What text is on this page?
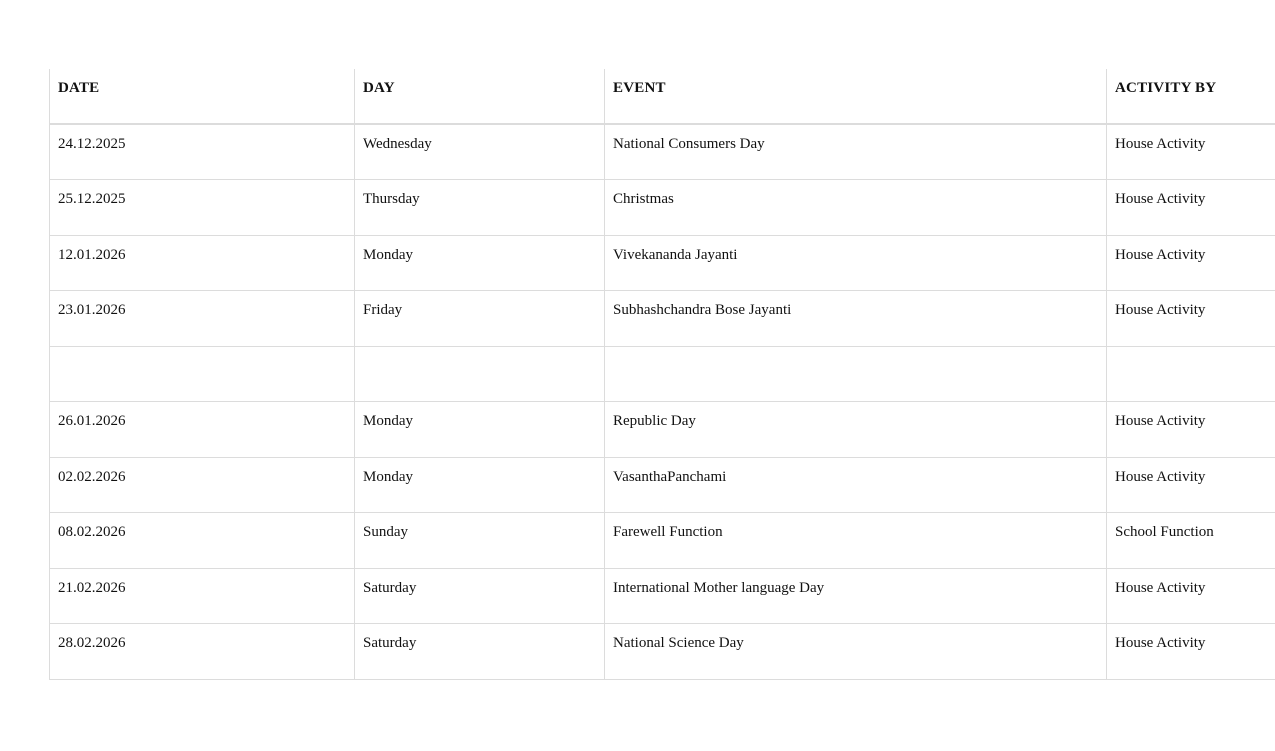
DATE	DAY	EVENT	ACTIVITY BY
24.12.2025	Wednesday	National Consumers Day	House Activity
25.12.2025	Thursday	Christmas	House Activity
12.01.2026	Monday	Vivekananda Jayanti	House Activity
23.01.2026	Friday	Subhashchandra Bose Jayanti	House Activity

26.01.2026	Monday	Republic Day	House Activity
02.02.2026	Monday	VasanthaPanchami	House Activity
08.02.2026	Sunday	Farewell Function	School Function
21.02.2026	Saturday	International Mother language Day	House Activity
28.02.2026	Saturday	National Science Day	House Activity
